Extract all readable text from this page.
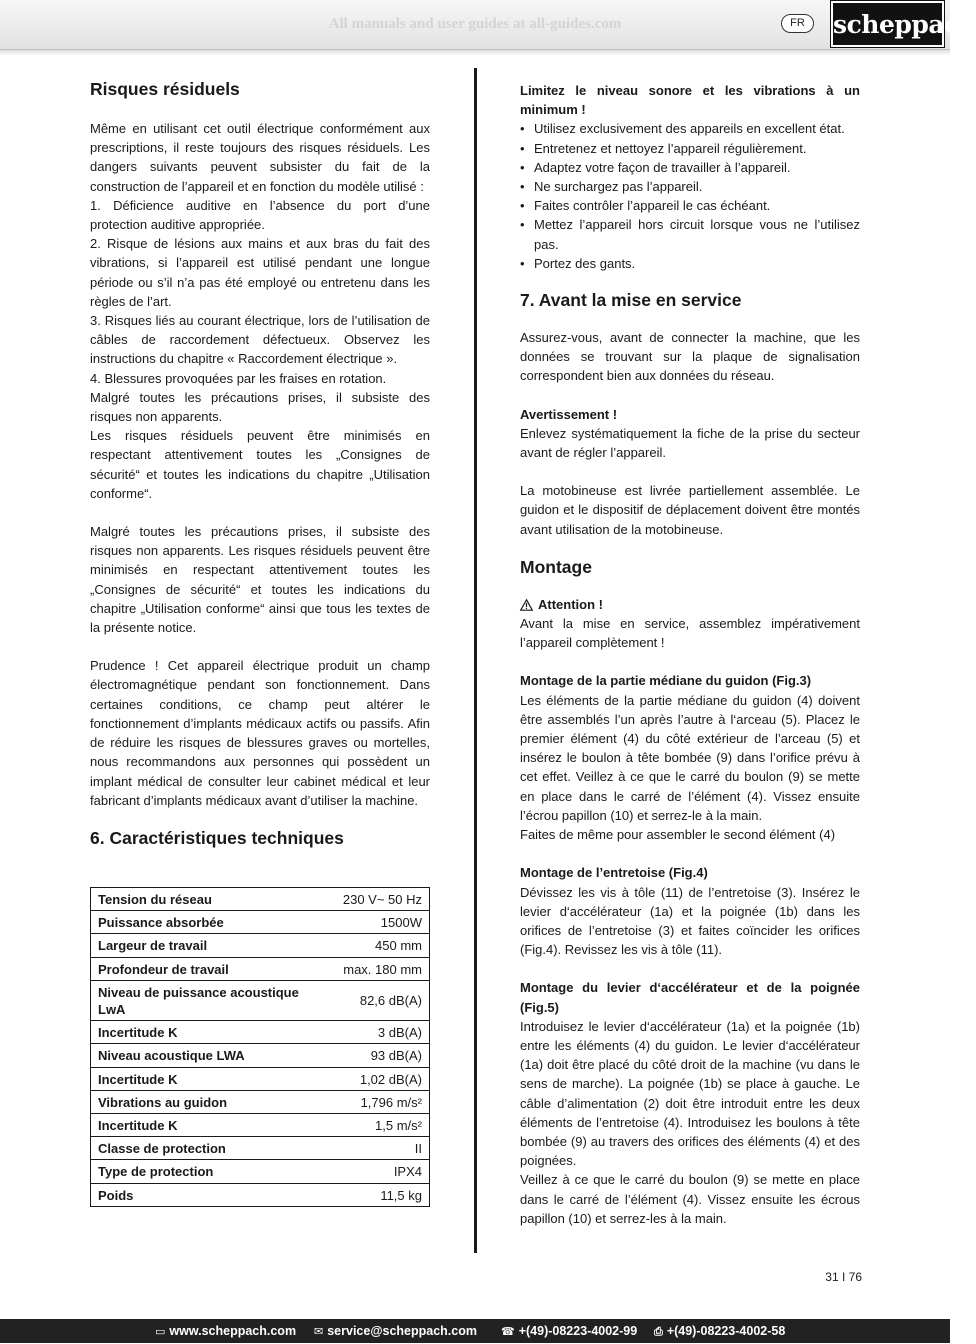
All manuals and user guides at all-guides.com	FR	scheppach
Risques résiduels

Même en utilisant cet outil électrique conformément aux prescriptions, il reste toujours des risques résiduels. Les dangers suivants peuvent subsister du fait de la construction de l’appareil et en fonction du modèle utilisé :

1. Déficience auditive en l’absence du port d’une protection auditive appropriée.

2. Risque de lésions aux mains et aux bras du fait des vibrations, si l’appareil est utilisé pendant une longue période ou s’il n’a pas été employé ou entretenu dans les règles de l’art.

3. Risques liés au courant électrique, lors de l’utilisation de câbles de raccordement défectueux. Observez les instructions du chapitre « Raccordement électrique ».

4. Blessures provoquées par les fraises en rotation.

Malgré toutes les précautions prises, il subsiste des risques non apparents.

Les risques résiduels peuvent être minimisés en respectant attentivement toutes les „Consignes de sécurité“ et toutes les indications du chapitre „Utilisation conforme“.

Malgré toutes les précautions prises, il subsiste des risques non apparents. Les risques résiduels peuvent être minimisés en respectant attentivement toutes les „Consignes de sécurité“ et toutes les indications du chapitre „Utilisation conforme“ ainsi que tous les textes de la présente notice.

Prudence ! Cet appareil électrique produit un champ électromagnétique pendant son fonctionnement. Dans certaines conditions, ce champ peut altérer le fonctionnement d’implants médicaux actifs ou passifs. Afin de réduire les risques de blessures graves ou mortelles, nous recommandons aux personnes qui possèdent un implant médical de consulter leur cabinet médical et leur fabricant d’implants médicaux avant d’utiliser la machine.

6. Caractéristiques techniques
Tension du réseau	230 V~ 50 Hz
Puissance absorbée	1500W
Largeur de travail	450 mm
Profondeur de travail	max. 180 mm
Niveau de puissance acoustique LwA	82,6 dB(A)
Incertitude K	3 dB(A)
Niveau acoustique LWA	93 dB(A)
Incertitude K	1,02 dB(A)
Vibrations au guidon	1,796 m/s²
Incertitude K	1,5 m/s²
Classe de protection	II
Type de protection	IPX4
Poids	11,5 kg

Limitez le niveau sonore et les vibrations à un minimum !

• Utilisez exclusivement des appareils en excellent état.
• Entretenez et nettoyez l’appareil régulièrement.
• Adaptez votre façon de travailler à l’appareil.
• Ne surchargez pas l’appareil.
• Faites contrôler l’appareil le cas échéant.
• Mettez l’appareil hors circuit lorsque vous ne l’utilisez pas.
• Portez des gants.
7. Avant la mise en service

Assurez-vous, avant de connecter la machine, que les données se trouvant sur la plaque de signalisation correspondent bien aux données du réseau.

Avertissement !

Enlevez systématiquement la fiche de la prise du secteur avant de régler l’appareil.

La motobineuse est livrée partiellement assemblée. Le guidon et le dispositif de déplacement doivent être montés avant utilisation de la motobineuse.

Montage
Attention !

Avant la mise en service, assemblez impérativement l’appareil complètement !

Montage de la partie médiane du guidon (Fig.3)

Les éléments de la partie médiane du guidon (4) doivent être assemblés l’un après l’autre à l‘arceau (5). Placez le premier élément (4) du côté extérieur de l’arceau (5) et insérez le boulon à tête bombée (9) dans l’orifice prévu à cet effet. Veillez à ce que le carré du boulon (9) se mette en place dans le carré de l’élément (4). Vissez ensuite l’écrou papillon (10) et serrez-le à la main.

Faites de même pour assembler le second élément (4)

Montage de l’entretoise (Fig.4)

Dévissez les vis à tôle (11) de l’entretoise (3). Insérez le levier d‘accélérateur (1a) et la poignée (1b) dans les orifices de l’entretoise (3) et faites coïncider les orifices (Fig.4). Revissez les vis à tôle (11).

Montage du levier d‘accélérateur et de la poignée (Fig.5)

Introduisez le levier d‘accélérateur (1a) et la poignée (1b) entre les éléments (4) du guidon. Le levier d‘accélérateur (1a) doit être placé du côté droit de la machine (vu dans le sens de marche). La poignée (1b) se place à gauche. Le câble d’alimentation (2) doit être introduit entre les deux éléments de l’entretoise (4). Introduisez les boulons à tête bombée (9) au travers des orifices des éléments (4) et des poignées.

Veillez à ce que le carré du boulon (9) se mette en place dans le carré de l’élément (4). Vissez ensuite les écrous papillon (10) et serrez-les à la main.

31 I 76
▭ www.scheppach.com ✉ service@scheppach.com ☎ +(49)-08223-4002-99 ⎙ +(49)-08223-4002-58
